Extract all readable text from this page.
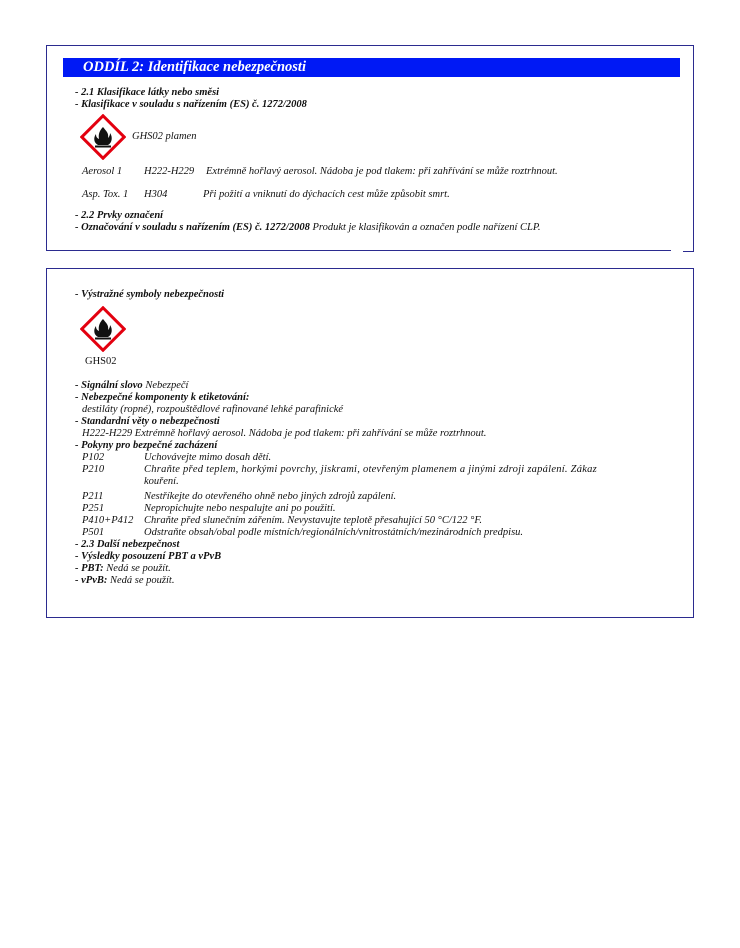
ODDÍL 2: Identifikace nebezpečnosti
- 2.1 Klasifikace látky nebo směsi
- Klasifikace v souladu s nařízením (ES) č. 1272/2008
GHS02 plamen
Aerosol 1 H222-H229 Extrémně hořlavý aerosol. Nádoba je pod tlakem: při zahřívání se může roztrhnout.
Asp. Tox. 1 H304	Při požití a vniknutí do dýchacích cest může způsobit smrt.
- 2.2 Prvky označení
- Označování v souladu s nařízením (ES) č. 1272/2008 Produkt je klasifikován a označen podle nařízení CLP.
- Výstražné symboly nebezpečnosti
GHS02
- Signální slovo Nebezpečí
- Nebezpečné komponenty k etiketování:
destiláty (ropné), rozpouštědlové rafinované lehké parafinické
- Standardní věty o nebezpečnosti
H222-H229 Extrémně hořlavý aerosol. Nádoba je pod tlakem: při zahřívání se může roztrhnout.
- Pokyny pro bezpečné zacházení
P102	Uchovávejte mimo dosah dětí.
P210	Chraňte před teplem, horkými povrchy, jiskrami, otevřeným plamenem a jinými zdroji zapálení. Zákaz
kouření.
P211	Nestříkejte do otevřeného ohně nebo jiných zdrojů zapálení.
P251	Nepropichujte nebo nespalujte ani po použití.
P410+P412 Chraňte před slunečním zářením. Nevystavujte teplotě přesahující 50 °C/122 °F.
P501	Odstraňte obsah/obal podle místních/regionálních/vnitrostátních/mezinárodních predpisu.
- 2.3 Další nebezpečnost
- Výsledky posouzení PBT a vPvB
- PBT: Nedá se použít.
- vPvB: Nedá se použít.
